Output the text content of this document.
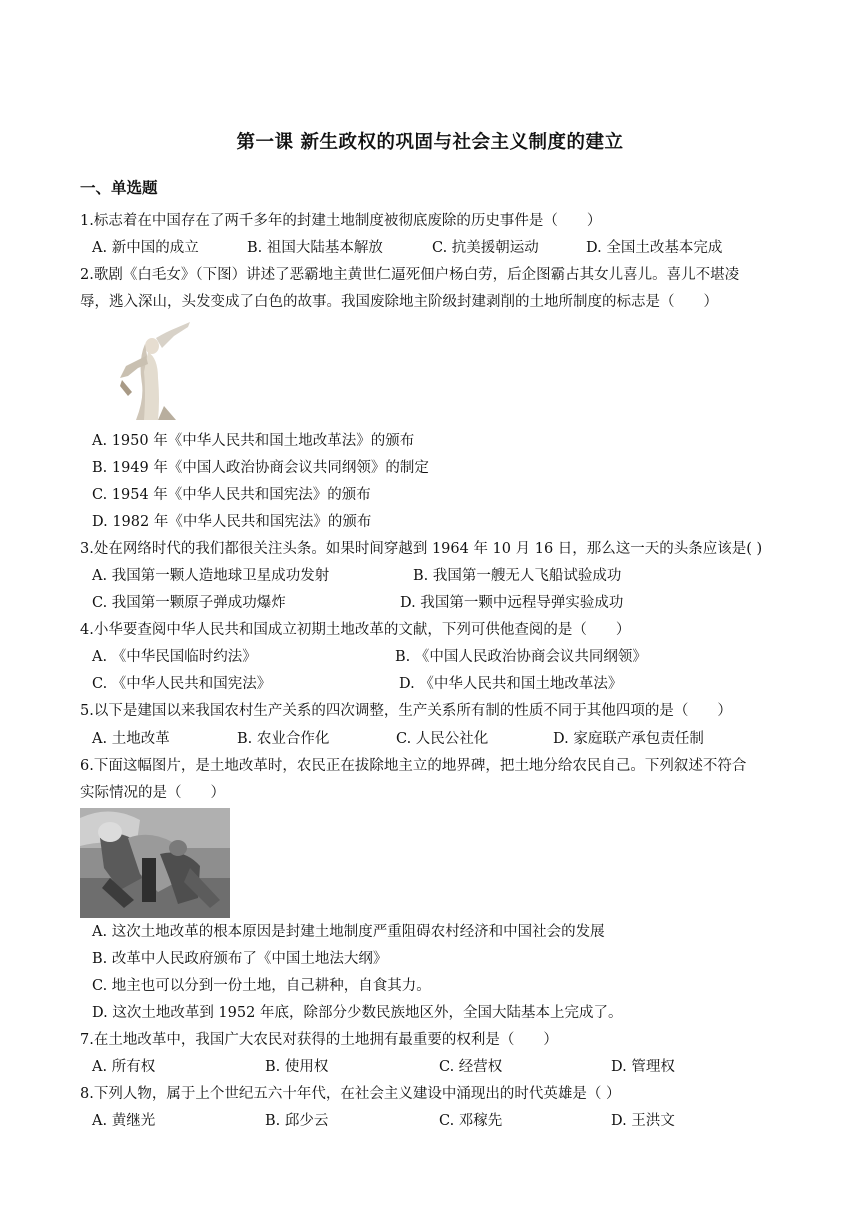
第一课 新生政权的巩固与社会主义制度的建立
一、单选题
1.标志着在中国存在了两千多年的封建土地制度被彻底废除的历史事件是（　　）
A. 新中国的成立	B. 祖国大陆基本解放	C. 抗美援朝运动	D. 全国土改基本完成
2.歌剧《白毛女》（下图）讲述了恶霸地主黄世仁逼死佃户杨白劳，后企图霸占其女儿喜儿。喜儿不堪凌
辱，逃入深山，头发变成了白色的故事。我国废除地主阶级封建剥削的土地所制度的标志是（　　）
A. 1950 年《中华人民共和国土地改革法》的颁布
B. 1949 年《中国人政治协商会议共同纲领》的制定
C. 1954 年《中华人民共和国宪法》的颁布
D. 1982 年《中华人民共和国宪法》的颁布
3.处在网络时代的我们都很关注头条。如果时间穿越到 1964 年 10 月 16 日，那么这一天的头条应该是( )
A. 我国第一颗人造地球卫星成功发射	B. 我国第一艘无人飞船试验成功
C. 我国第一颗原子弹成功爆炸	D. 我国第一颗中远程导弹实验成功
4.小华要查阅中华人民共和国成立初期土地改革的文献，下列可供他查阅的是（　　）
A. 《中华民国临时约法》	B. 《中国人民政治协商会议共同纲领》
C. 《中华人民共和国宪法》	D. 《中华人民共和国土地改革法》
5.以下是建国以来我国农村生产关系的四次调整，生产关系所有制的性质不同于其他四项的是（　　）
A. 土地改革	B. 农业合作化	C. 人民公社化	D. 家庭联产承包责任制
6.下面这幅图片，是土地改革时，农民正在拔除地主立的地界碑，把土地分给农民自己。下列叙述不符合
实际情况的是（　　）
A. 这次土地改革的根本原因是封建土地制度严重阻碍农村经济和中国社会的发展
B. 改革中人民政府颁布了《中国土地法大纲》
C. 地主也可以分到一份土地，自己耕种，自食其力。
D. 这次土地改革到 1952 年底，除部分少数民族地区外，全国大陆基本上完成了。
7.在土地改革中，我国广大农民对获得的土地拥有最重要的权利是（　　）
A. 所有权	B. 使用权	C. 经营权	D. 管理权
8.下列人物，属于上个世纪五六十年代，在社会主义建设中涌现出的时代英雄是（ ）
A. 黄继光	B. 邱少云	C. 邓稼先	D. 王洪文
